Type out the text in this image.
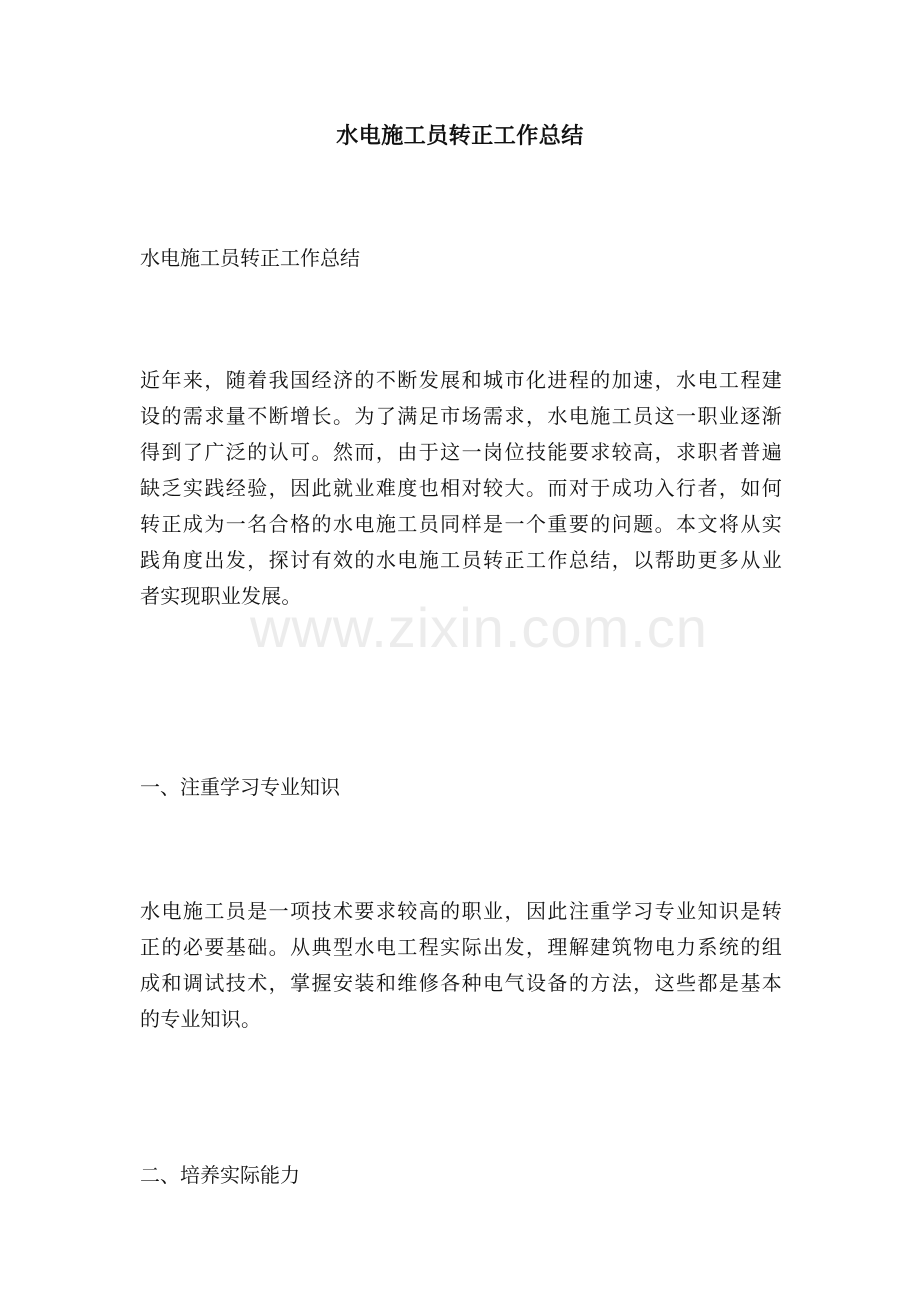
水电施工员转正工作总结
水电施工员转正工作总结

近年来，随着我国经济的不断发展和城市化进程的加速，水电工程建

设的需求量不断增长。为了满足市场需求，水电施工员这一职业逐渐

得到了广泛的认可。然而，由于这一岗位技能要求较高，求职者普遍

缺乏实践经验，因此就业难度也相对较大。而对于成功入行者，如何

转正成为一名合格的水电施工员同样是一个重要的问题。本文将从实

践角度出发，探讨有效的水电施工员转正工作总结，以帮助更多从业

者实现职业发展。

一、注重学习专业知识

水电施工员是一项技术要求较高的职业，因此注重学习专业知识是转

正的必要基础。从典型水电工程实际出发，理解建筑物电力系统的组

成和调试技术，掌握安装和维修各种电气设备的方法，这些都是基本

的专业知识。

二、培养实际能力
www.zixin.com.cn
